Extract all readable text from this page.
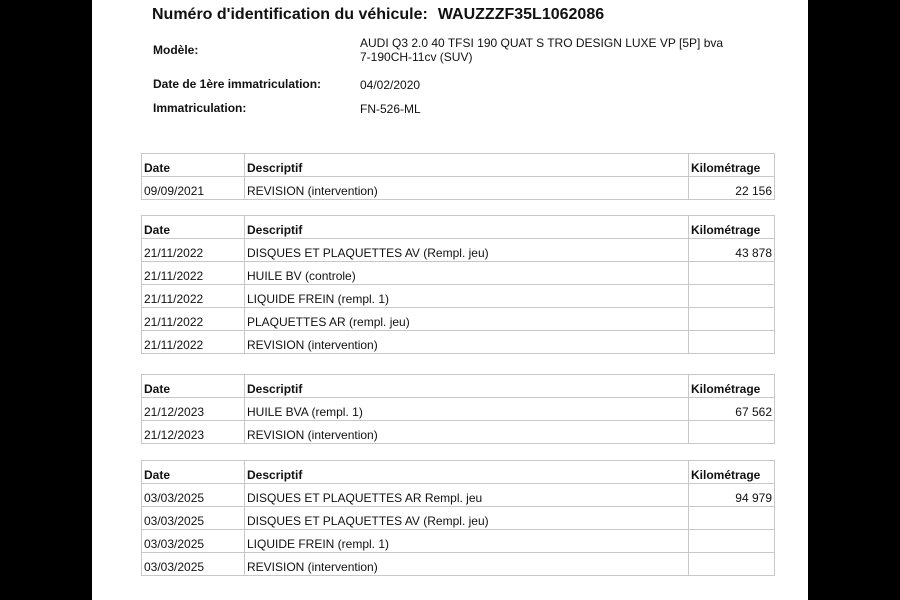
Numéro d'identification du véhicule: WAUZZZF35L1062086
Modèle:	AUDI Q3 2.0 40 TFSI 190 QUAT S TRO DESIGN LUXE VP [5P] bva
7-190CH-11cv (SUV)
Date de 1ère immatriculation:	04/02/2020
Immatriculation:	FN-526-ML
Date	Descriptif	Kilométrage
09/09/2021	REVISION (intervention)	22 156
Date	Descriptif	Kilométrage
21/11/2022	DISQUES ET PLAQUETTES AV (Rempl. jeu)	43 878
21/11/2022	HUILE BV (controle)	
21/11/2022	LIQUIDE FREIN (rempl. 1)	
21/11/2022	PLAQUETTES AR (rempl. jeu)	
21/11/2022	REVISION (intervention)	
Date	Descriptif	Kilométrage
21/12/2023	HUILE BVA (rempl. 1)	67 562
21/12/2023	REVISION (intervention)	
Date	Descriptif	Kilométrage
03/03/2025	DISQUES ET PLAQUETTES AR Rempl. jeu	94 979
03/03/2025	DISQUES ET PLAQUETTES AV (Rempl. jeu)	
03/03/2025	LIQUIDE FREIN (rempl. 1)	
03/03/2025	REVISION (intervention)	
